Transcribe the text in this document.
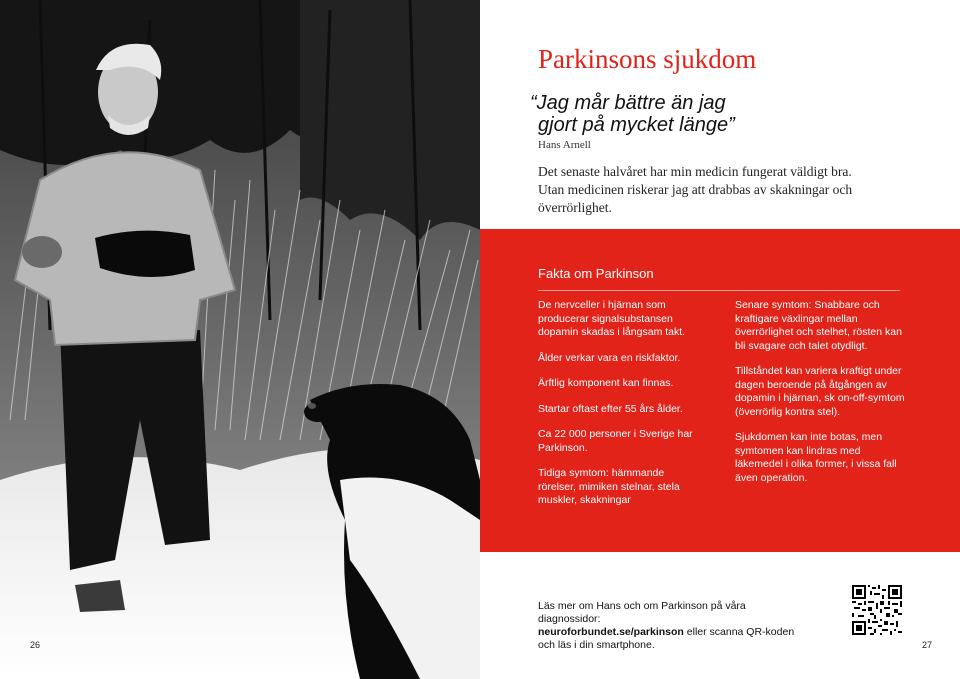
26
Parkinsons sjukdom

“Jag mår bättre än jag

gjort på mycket länge”

Hans Arnell

Det senaste halvåret har min medicin fungerat väldigt bra. Utan medicinen riskerar jag att drabbas av skakningar och överrörlighet.

Fakta om Parkinson

De nervceller i hjärnan som producerar signalsubstansen dopamin skadas i långsam takt.

Ålder verkar vara en riskfaktor.

Ärftlig komponent kan finnas.

Startar oftast efter 55 års ålder.

Ca 22 000 personer i Sverige har Parkinson.

Tidiga symtom: hämmande rörelser, mimiken stelnar, stela muskler, skakningar

Senare symtom: Snabbare och kraftigare växlingar mellan överrörlighet och stelhet, rösten kan bli svagare och talet otydligt.

Tillståndet kan variera kraftigt under dagen beroende på åtgången av dopamin i hjärnan, sk on-off-symtom (överrörlig kontra stel).

Sjukdomen kan inte botas, men symtomen kan lindras med läkemedel i olika former, i vissa fall även operation.

Läs mer om Hans och om Parkinson på våra diagnossidor:
neuroforbundet.se/parkinson eller scanna QR-koden och läs i din smartphone.	27
